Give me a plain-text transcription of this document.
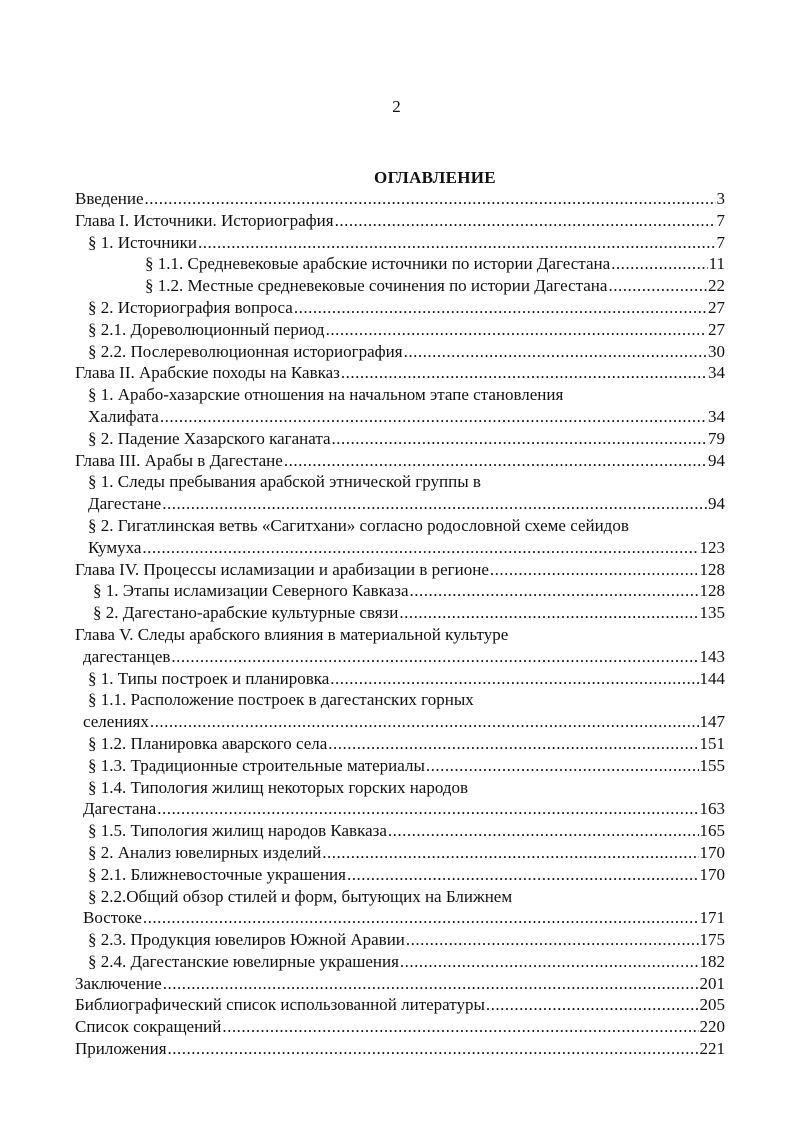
2
ОГЛАВЛЕНИЕ
Введение .....	3
Глава I. Источники. Историография .....	7
§ 1. Источники .....	7
§ 1.1. Средневековые арабские источники по истории Дагестана .....	11
§ 1.2. Местные средневековые сочинения по истории Дагестана .....	22
§ 2. Историография вопроса .....	27
§ 2.1. Дореволюционный период .....	27
§ 2.2. Послереволюционная историография .....	30
Глава II. Арабские походы на Кавказ .....	34
§ 1. Арабо-хазарские отношения на начальном этапе становления
Халифата .....	34
§ 2. Падение Хазарского каганата .....	79
Глава III. Арабы в Дагестане .....	94
§ 1. Следы пребывания арабской этнической группы в
Дагестане .....	94
§ 2. Гигатлинская ветвь «Сагитхани» согласно родословной схеме сейидов
Кумуха .....	123
Глава IV. Процессы исламизации и арабизации в регионе .....	128
§ 1. Этапы исламизации Северного Кавказа .....	128
§ 2. Дагестано-арабские культурные связи .....	135
Глава V. Следы арабского влияния в материальной культуре
дагестанцев .....	143
§ 1. Типы построек и планировка .....	144
§ 1.1. Расположение построек в дагестанских горных
селениях .....	147
§ 1.2. Планировка аварского села .....	151
§ 1.3. Традиционные строительные материалы .....	155
§ 1.4. Типология жилищ некоторых горских народов
Дагестана .....	163
§ 1.5. Типология жилищ народов Кавказа .....	165
§ 2. Анализ ювелирных изделий .....	170
§ 2.1. Ближневосточные украшения .....	170
§ 2.2.Общий обзор стилей и форм, бытующих на Ближнем
Востоке .....	171
§ 2.3. Продукция ювелиров Южной Аравии .....	175
§ 2.4. Дагестанские ювелирные украшения .....	182
Заключение .....	201
Библиографический список использованной литературы .....	205
Список сокращений .....	220
Приложения .....	221
